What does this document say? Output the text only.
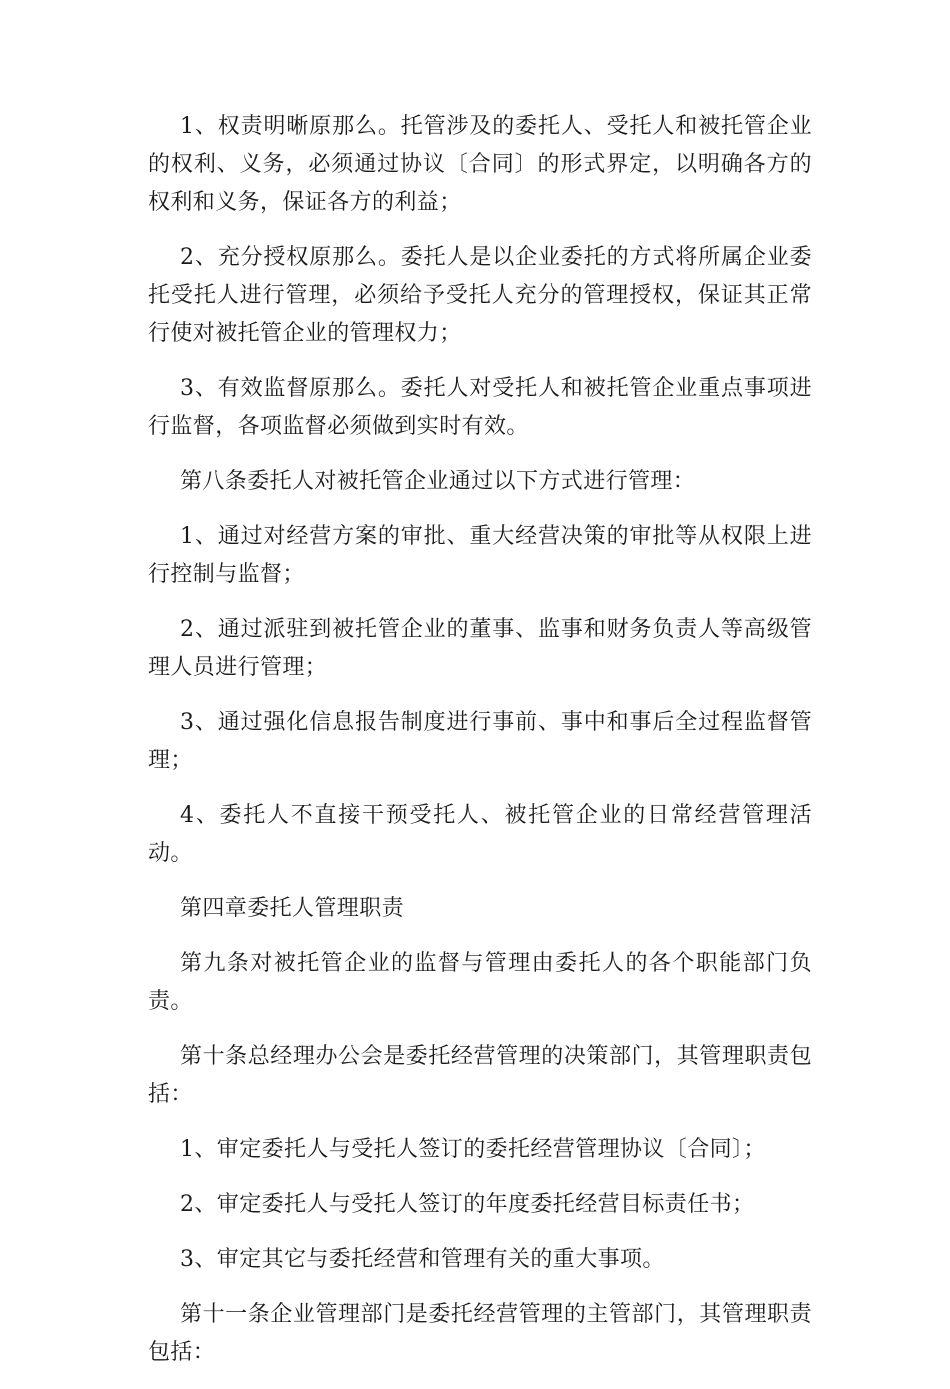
1、权责明晰原那么。托管涉及的委托人、受托人和被托管企业的权利、义务，必须通过协议〔合同〕的形式界定，以明确各方的权利和义务，保证各方的利益；

2、充分授权原那么。委托人是以企业委托的方式将所属企业委托受托人进行管理，必须给予受托人充分的管理授权，保证其正常行使对被托管企业的管理权力；

3、有效监督原那么。委托人对受托人和被托管企业重点事项进行监督，各项监督必须做到实时有效。

第八条委托人对被托管企业通过以下方式进行管理：

1、通过对经营方案的审批、重大经营决策的审批等从权限上进行控制与监督；

2、通过派驻到被托管企业的董事、监事和财务负责人等高级管理人员进行管理；

3、通过强化信息报告制度进行事前、事中和事后全过程监督管理；

4、委托人不直接干预受托人、被托管企业的日常经营管理活动。

第四章委托人管理职责

第九条对被托管企业的监督与管理由委托人的各个职能部门负责。

第十条总经理办公会是委托经营管理的决策部门，其管理职责包括：

1、审定委托人与受托人签订的委托经营管理协议〔合同〕；

2、审定委托人与受托人签订的年度委托经营目标责任书；

3、审定其它与委托经营和管理有关的重大事项。

第十一条企业管理部门是委托经营管理的主管部门，其管理职责包括：
